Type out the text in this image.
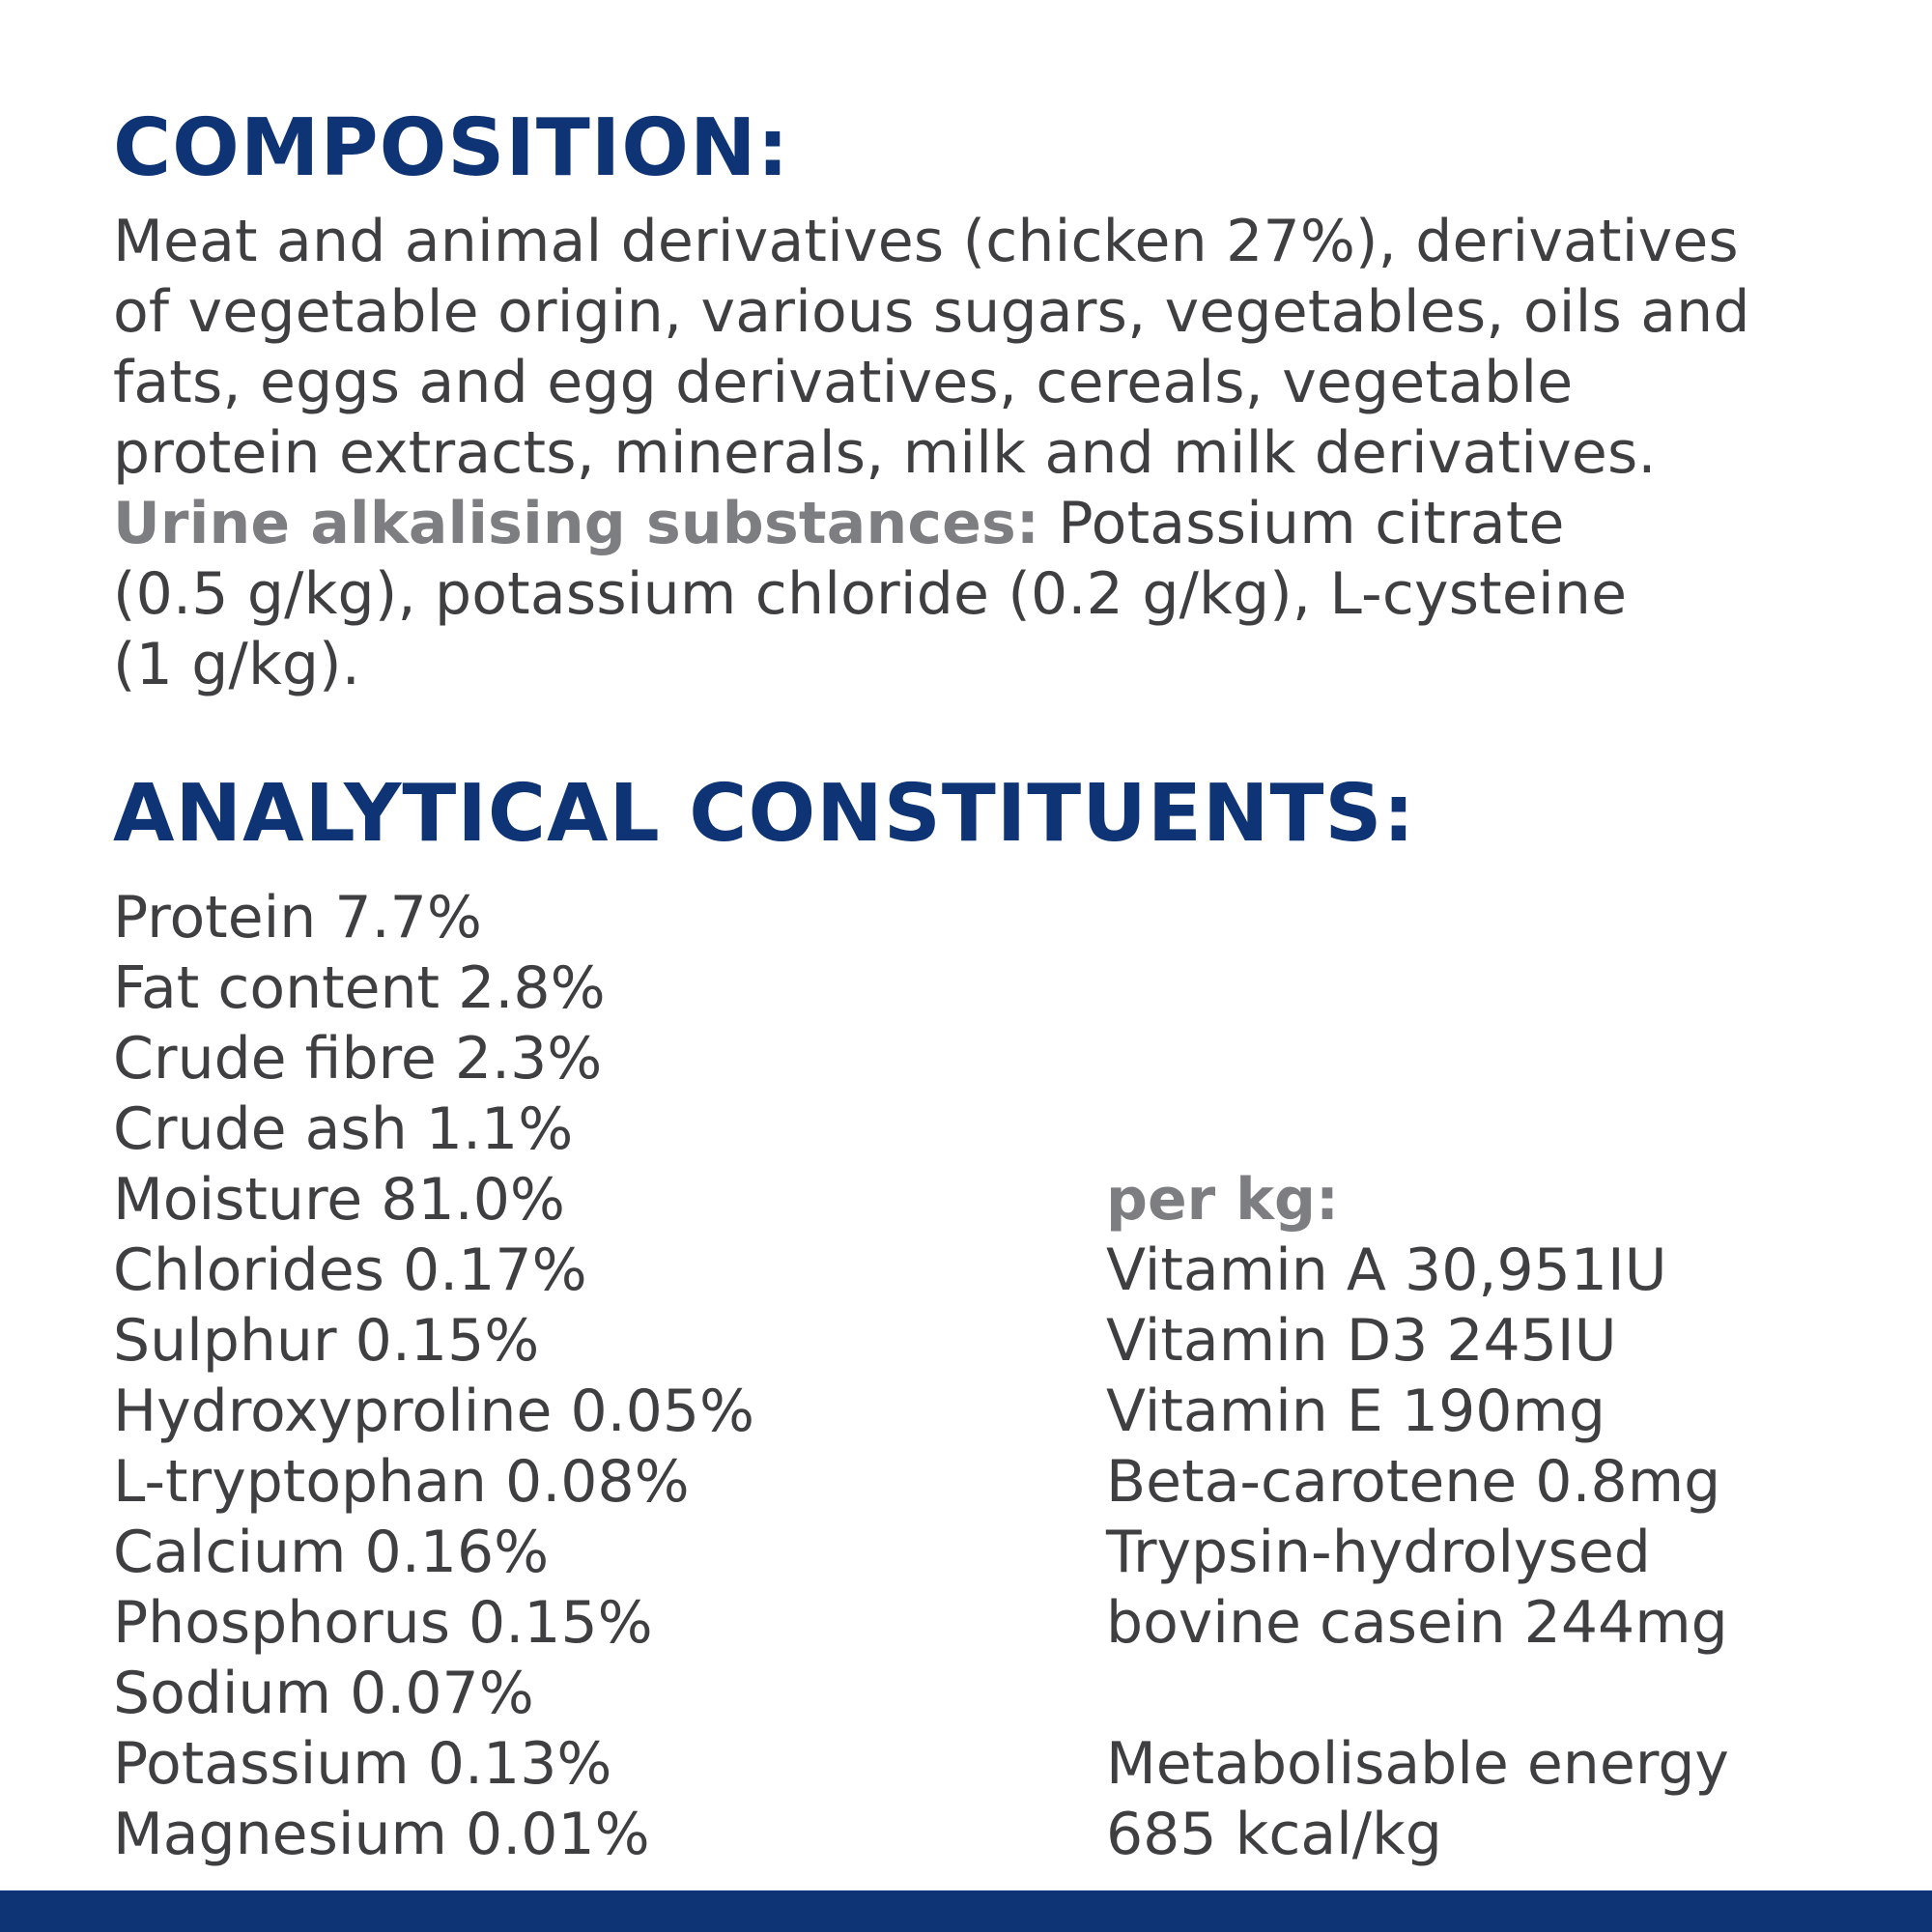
COMPOSITION:

Meat and animal derivatives (chicken 27%), derivatives
of vegetable origin, various sugars, vegetables, oils and
fats, eggs and egg derivatives, cereals, vegetable
protein extracts, minerals, milk and milk derivatives.
Urine alkalising substances: Potassium citrate
(0.5 g/kg), potassium chloride (0.2 g/kg), L-cysteine
(1 g/kg).

ANALYTICAL CONSTITUENTS:
Protein 7.7%
Fat content 2.8%
Crude fibre 2.3%
Crude ash 1.1%
Moisture 81.0%
Chlorides 0.17%
Sulphur 0.15%
Hydroxyproline 0.05%
L-tryptophan 0.08%
Calcium 0.16%
Phosphorus 0.15%
Sodium 0.07%
Potassium 0.13%
Magnesium 0.01%
per kg:
Vitamin A 30,951IU
Vitamin D3 245IU
Vitamin E 190mg
Beta-carotene 0.8mg
Trypsin-hydrolysed
bovine casein 244mg
Metabolisable energy
685 kcal/kg
